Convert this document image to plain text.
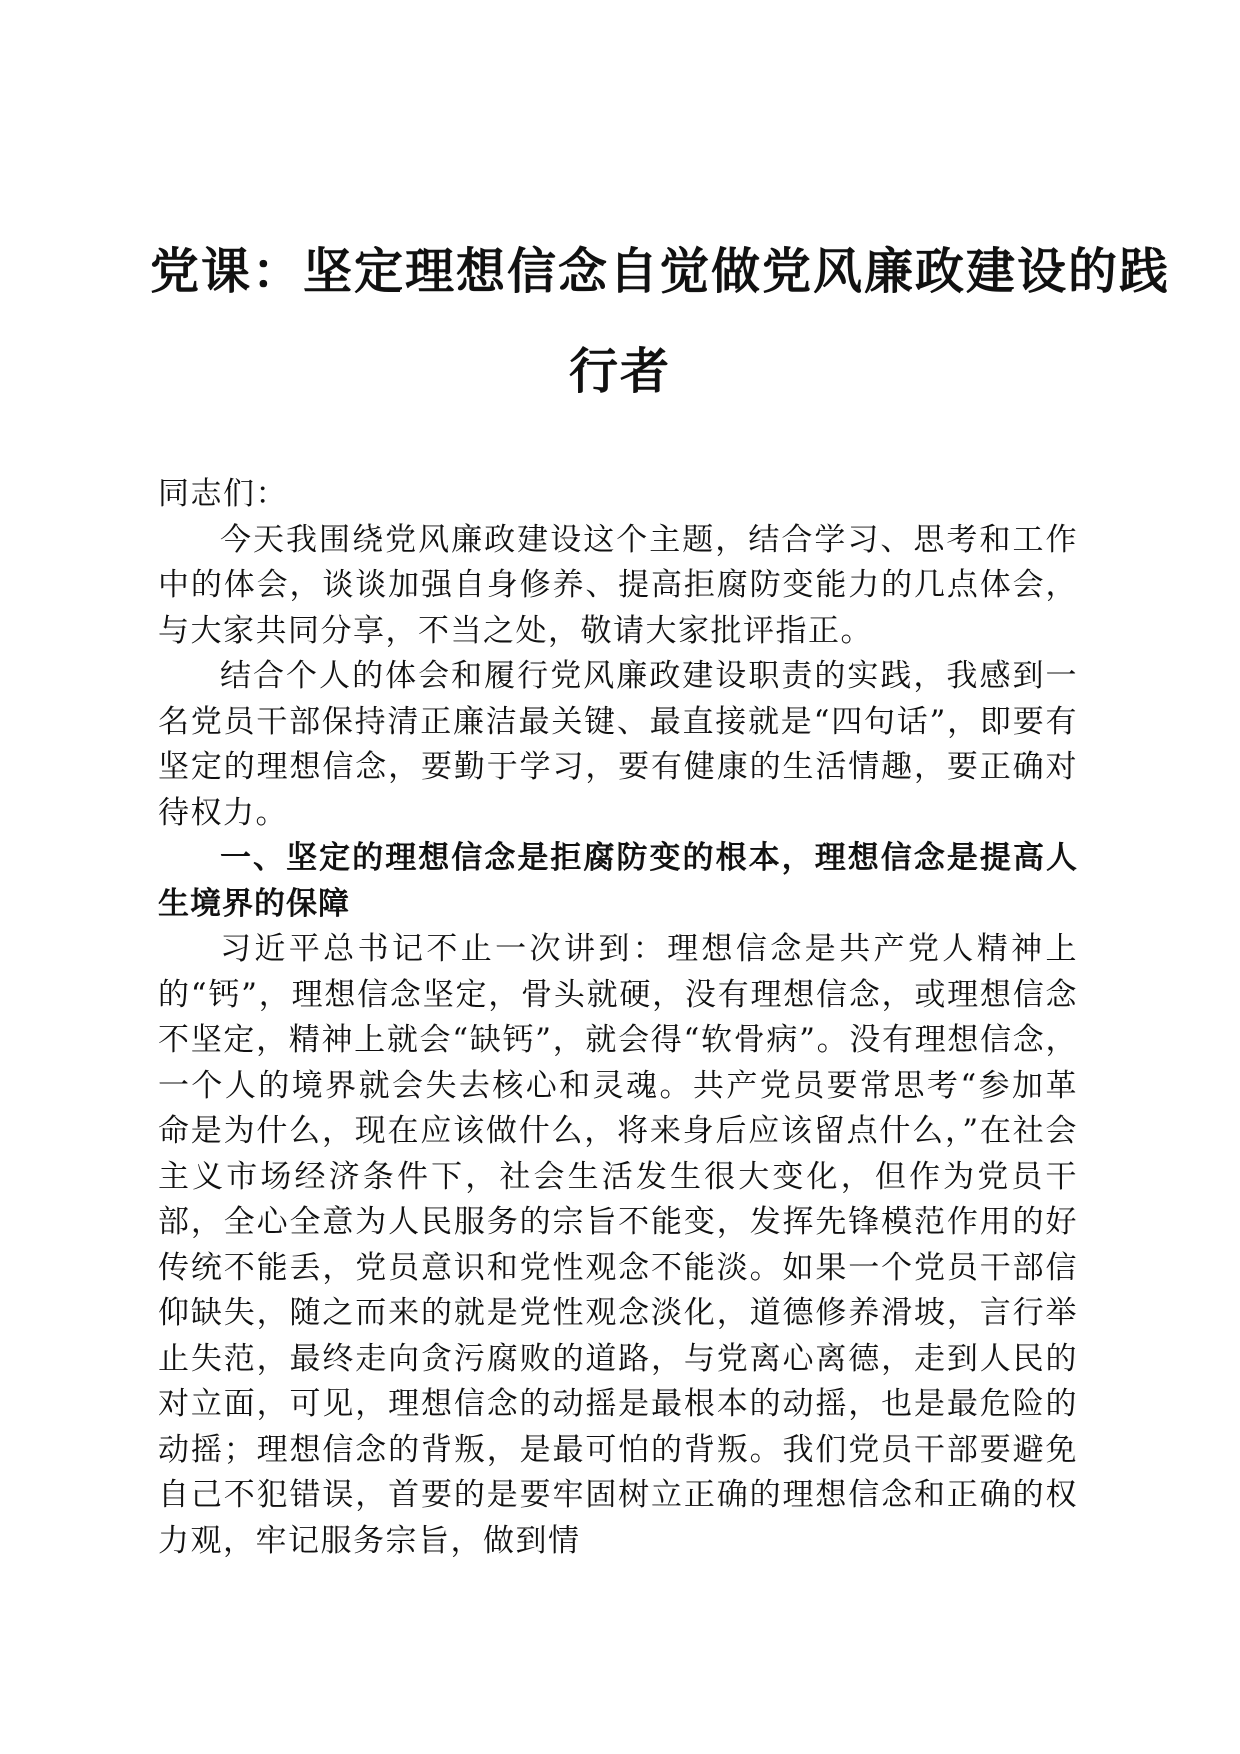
党课：坚定理想信念自觉做党风廉政建设的践
行者

同志们：

今天我围绕党风廉政建设这个主题，结合学习、思考和工作中的体会，谈谈加强自身修养、提高拒腐防变能力的几点体会，与大家共同分享，不当之处，敬请大家批评指正。

结合个人的体会和履行党风廉政建设职责的实践，我感到一名党员干部保持清正廉洁最关键、最直接就是“四句话”，即要有坚定的理想信念，要勤于学习，要有健康的生活情趣，要正确对待权力。

一、坚定的理想信念是拒腐防变的根本，理想信念是提高人生境界的保障

习近平总书记不止一次讲到：理想信念是共产党人精神上的“钙”，理想信念坚定，骨头就硬，没有理想信念，或理想信念不坚定，精神上就会“缺钙”，就会得“软骨病”。没有理想信念，一个人的境界就会失去核心和灵魂。共产党员要常思考“参加革命是为什么，现在应该做什么，将来身后应该留点什么，”在社会主义市场经济条件下，社会生活发生很大变化，但作为党员干部，全心全意为人民服务的宗旨不能变，发挥先锋模范作用的好传统不能丢，党员意识和党性观念不能淡。如果一个党员干部信仰缺失，随之而来的就是党性观念淡化，道德修养滑坡，言行举止失范，最终走向贪污腐败的道路，与党离心离德，走到人民的对立面，可见，理想信念的动摇是最根本的动摇，也是最危险的动摇；理想信念的背叛，是最可怕的背叛。我们党员干部要避免自己不犯错误，首要的是要牢固树立正确的理想信念和正确的权力观，牢记服务宗旨，做到情
